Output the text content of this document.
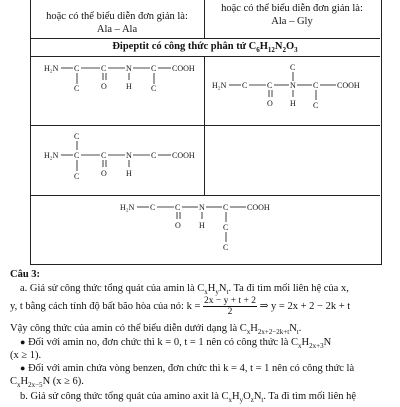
hoặc có thể biểu diễn đơn giản là:
Ala – Ala
hoặc có thể biểu diễn đơn giản là:
Ala – Gly
Đipeptit có công thức phân tử $C_6H_{12}N_2O_3$
H₂N C
C
C
O
N
H
C
C
COOH	C
H₂N C C
O
N
H
C
C
COOH
C
H₂N C
C
C
O
N
H
C COOH
H₂N C C
O
N
H
C
C
C
COOH
Câu 3:
a. Giả sử công thức tổng quát của amin là $C_xH_yN_t$. Ta đi tìm mối liên hệ của x,
y, t bằng cách tính độ bất bão hòa của nó: $k = \frac{2x - y + t + 2}{2}$ ⇒ y = 2x + 2 − 2k + t
Vậy công thức của amin có thể biểu diễn dưới dạng là $C_xH_{2x+2-2k+t}N_t$.
● Đối với amin no, đơn chức thì k = 0, t = 1 nên có công thức là $C_xH_{2x+3}N$
(x ≥ 1).
● Đối với amin chứa vòng benzen, đơn chức thì k = 4, t = 1 nên có công thức là
$C_xH_{2x-5}N$ (x ≥ 6).
b. Giả sử công thức tổng quát của amino axit là $C_xH_yO_zN_t$. Ta đi tìm mối liên hệ
